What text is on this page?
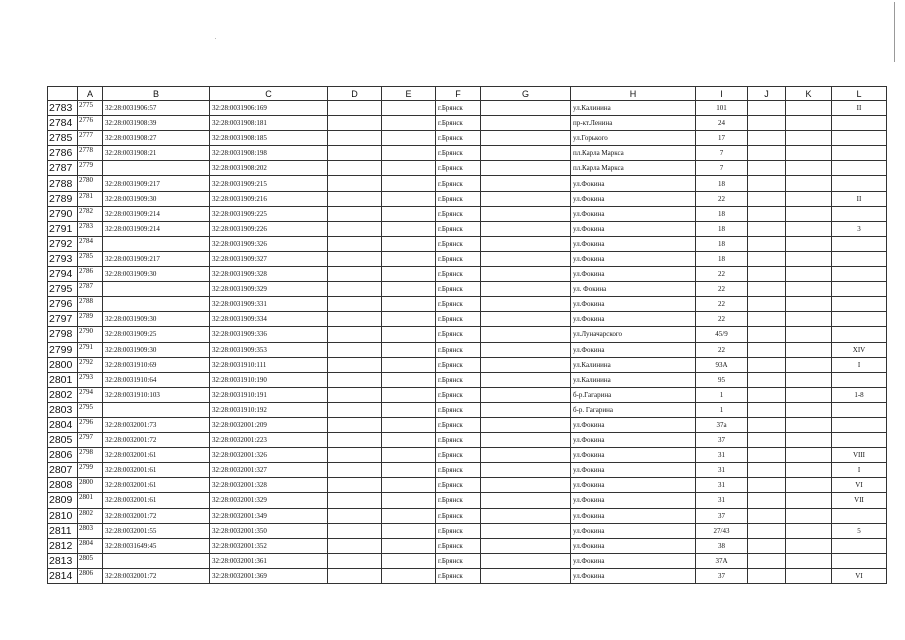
	A	B	C	D	E	F	G	H	I	J	K	L
2783	2775	32:28:0031906:57	32:28:0031906:169			г.Брянск		ул.Калинина	101			II
2784	2776	32:28:0031908:39	32:28:0031908:181			г.Брянск		пр-кт.Ленина	24			
2785	2777	32:28:0031908:27	32:28:0031908:185			г.Брянск		ул.Горького	17			
2786	2778	32:28:0031908:21	32:28:0031908:198			г.Брянск		пл.Карла Маркса	7			
2787	2779		32:28:0031908:202			г.Брянск		пл.Карла Маркса	7			
2788	2780	32:28:0031909:217	32:28:0031909:215			г.Брянск		ул.Фокина	18			
2789	2781	32:28:0031909:30	32:28:0031909:216			г.Брянск		ул.Фокина	22			II
2790	2782	32:28:0031909:214	32:28:0031909:225			г.Брянск		ул.Фокина	18			
2791	2783	32:28:0031909:214	32:28:0031909:226			г.Брянск		ул.Фокина	18			3
2792	2784		32:28:0031909:326			г.Брянск		ул.Фокина	18			
2793	2785	32:28:0031909:217	32:28:0031909:327			г.Брянск		ул.Фокина	18			
2794	2786	32:28:0031909:30	32:28:0031909:328			г.Брянск		ул.Фокина	22			
2795	2787		32:28:0031909:329			г.Брянск		ул. Фокина	22			
2796	2788		32:28:0031909:331			г.Брянск		ул.Фокина	22			
2797	2789	32:28:0031909:30	32:28:0031909:334			г.Брянск		ул.Фокина	22			
2798	2790	32:28:0031909:25	32:28:0031909:336			г.Брянск		ул.Луначарского	45/9			
2799	2791	32:28:0031909:30	32:28:0031909:353			г.Брянск		ул.Фокина	22			XIV
2800	2792	32:28:0031910:69	32:28:0031910:111			г.Брянск		ул.Калинина	93А			I
2801	2793	32:28:0031910:64	32:28:0031910:190			г.Брянск		ул.Калинина	95			
2802	2794	32:28:0031910:103	32:28:0031910:191			г.Брянск		б-р.Гагарина	1			1-8
2803	2795		32:28:0031910:192			г.Брянск		б-р. Гагарина	1			
2804	2796	32:28:0032001:73	32:28:0032001:209			г.Брянск		ул.Фокина	37а			
2805	2797	32:28:0032001:72	32:28:0032001:223			г.Брянск		ул.Фокина	37			
2806	2798	32:28:0032001:61	32:28:0032001:326			г.Брянск		ул.Фокина	31			VIII
2807	2799	32:28:0032001:61	32:28:0032001:327			г.Брянск		ул.Фокина	31			I
2808	2800	32:28:0032001:61	32:28:0032001:328			г.Брянск		ул.Фокина	31			VI
2809	2801	32:28:0032001:61	32:28:0032001:329			г.Брянск		ул.Фокина	31			VII
2810	2802	32:28:0032001:72	32:28:0032001:349			г.Брянск		ул.Фокина	37			
2811	2803	32:28:0032001:55	32:28:0032001:350			г.Брянск		ул.Фокина	27/43			5
2812	2804	32:28:0031649:45	32:28:0032001:352			г.Брянск		ул.Фокина	38			
2813	2805		32:28:0032001:361			г.Брянск		ул.Фокина	37А			
2814	2806	32:28:0032001:72	32:28:0032001:369			г.Брянск		ул.Фокина	37			VI
